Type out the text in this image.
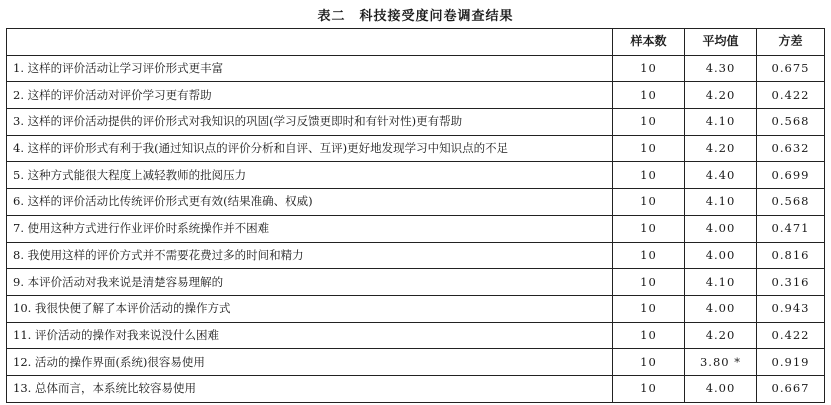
表二　科技接受度问卷调查结果
	样本数	平均值	方差
1. 这样的评价活动让学习评价形式更丰富	10	4.30	0.675
2. 这样的评价活动对评价学习更有帮助	10	4.20	0.422
3. 这样的评价活动提供的评价形式对我知识的巩固(学习反馈更即时和有针对性)更有帮助	10	4.10	0.568
4. 这样的评价形式有利于我(通过知识点的评价分析和自评、互评)更好地发现学习中知识点的不足	10	4.20	0.632
5. 这种方式能很大程度上减轻教师的批阅压力	10	4.40	0.699
6. 这样的评价活动比传统评价形式更有效(结果准确、权威)	10	4.10	0.568
7. 使用这种方式进行作业评价时系统操作并不困难	10	4.00	0.471
8. 我使用这样的评价方式并不需要花费过多的时间和精力	10	4.00	0.816
9. 本评价活动对我来说是清楚容易理解的	10	4.10	0.316
10. 我很快便了解了本评价活动的操作方式	10	4.00	0.943
11. 评价活动的操作对我来说没什么困难	10	4.20	0.422
12. 活动的操作界面(系统)很容易使用	10	3.80 *	0.919
13. 总体而言，本系统比较容易使用	10	4.00	0.667
